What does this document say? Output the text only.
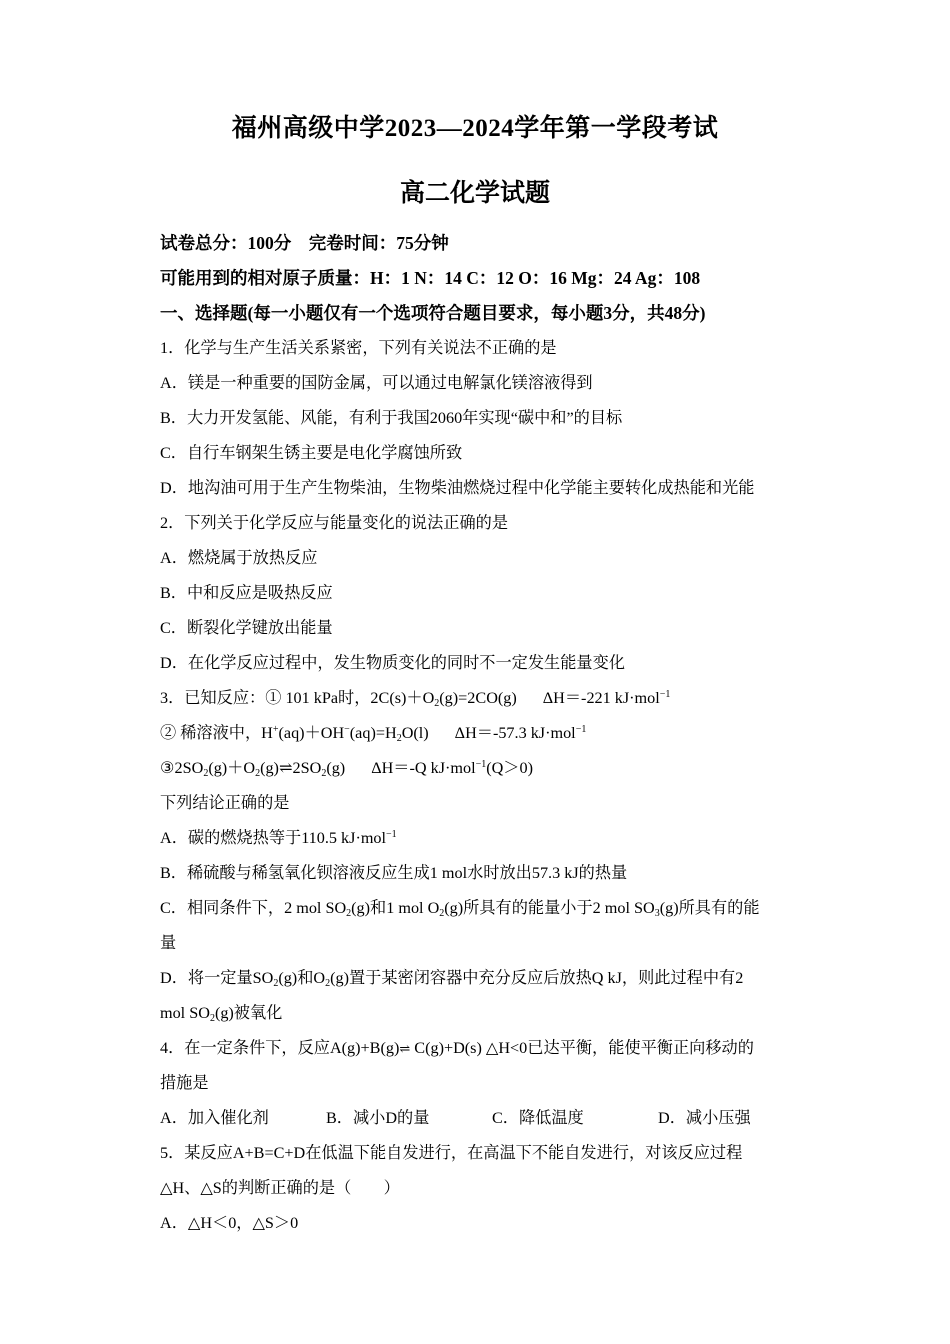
福州高级中学2023—2024学年第一学段考试
高二化学试题
试卷总分：100分　完卷时间：75分钟
可能用到的相对原子质量：H：1 N：14 C：12 O：16 Mg：24 Ag：108
一、选择题(每一小题仅有一个选项符合题目要求，每小题3分，共48分)
1．化学与生产生活关系紧密，下列有关说法不正确的是
A．镁是一种重要的国防金属，可以通过电解氯化镁溶液得到
B．大力开发氢能、风能，有利于我国2060年实现“碳中和”的目标
C．自行车钢架生锈主要是电化学腐蚀所致
D．地沟油可用于生产生物柴油，生物柴油燃烧过程中化学能主要转化成热能和光能
2．下列关于化学反应与能量变化的说法正确的是
A．燃烧属于放热反应
B．中和反应是吸热反应
C．断裂化学键放出能量
D．在化学反应过程中，发生物质变化的同时不一定发生能量变化
3．已知反应：① 101 kPa时，$2C(s)+O_2(g)=2CO(g)$ ΔH＝-221 kJ·mol$^{-1}$
② 稀溶液中，$H^+(aq)+OH^-(aq)=H_2O(l)$ ΔH＝-57.3 kJ·mol$^{-1}$
$③2SO_2(g)+O_2(g)\rightleftharpoons 2SO_2(g)$ ΔH＝-Q kJ·mol$^{-1}$(Q＞0)
下列结论正确的是
A．碳的燃烧热等于110.5 kJ·mol$^{-1}$
B．稀硫酸与稀氢氧化钡溶液反应生成1 mol水时放出57.3 kJ的热量
C．相同条件下，2 mol $SO_2(g)$和1 mol $O_2(g)$所具有的能量小于2 mol $SO_3(g)$所具有的能
量
D．将一定量$SO_2(g)$和$O_2(g)$置于某密闭容器中充分反应后放热Q kJ，则此过程中有2
mol $SO_2(g)$被氧化
4．在一定条件下，反应A(g)+B(g)⇌ C(g)+D(s) △H<0已达平衡，能使平衡正向移动的
措施是
A．加入催化剂	B．减小D的量	C．降低温度	D．减小压强
5．某反应A+B=C+D在低温下能自发进行，在高温下不能自发进行，对该反应过程
△H、△S的判断正确的是（　　）
A．△H＜0，△S＞0
